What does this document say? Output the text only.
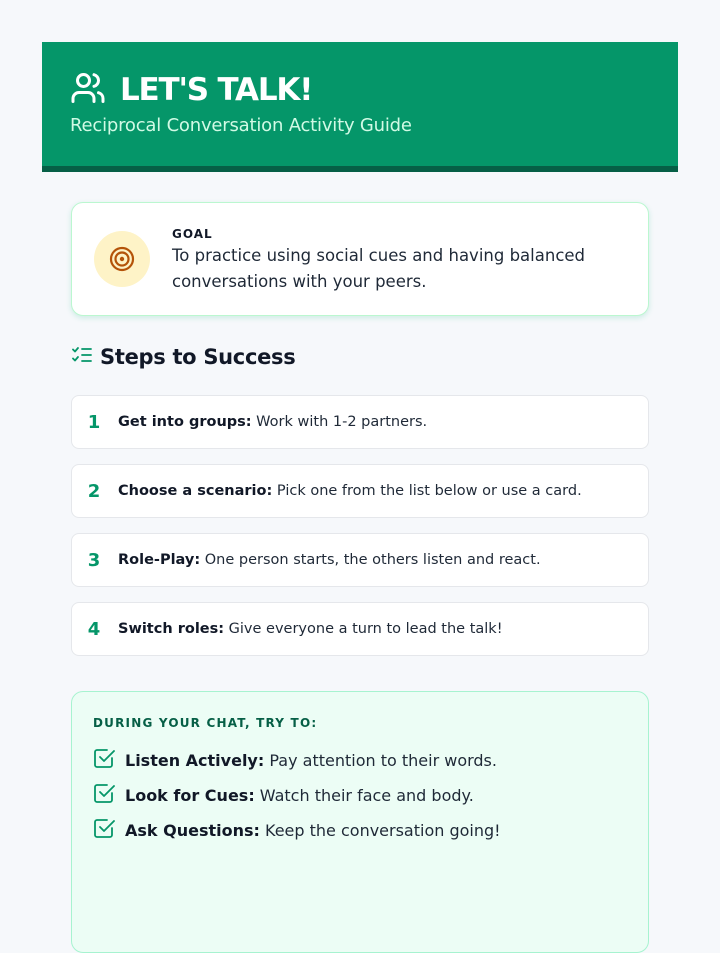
LET'S TALK!
Reciprocal Conversation Activity Guide
GOAL
To practice using social cues and having balanced conversations with your peers.
Steps to Success
1 Get into groups: Work with 1-2 partners.
2 Choose a scenario: Pick one from the list below or use a card.
3 Role-Play: One person starts, the others listen and react.
4 Switch roles: Give everyone a turn to lead the talk!
DURING YOUR CHAT, TRY TO:
Listen Actively: Pay attention to their words.
Look for Cues: Watch their face and body.
Ask Questions: Keep the conversation going!
